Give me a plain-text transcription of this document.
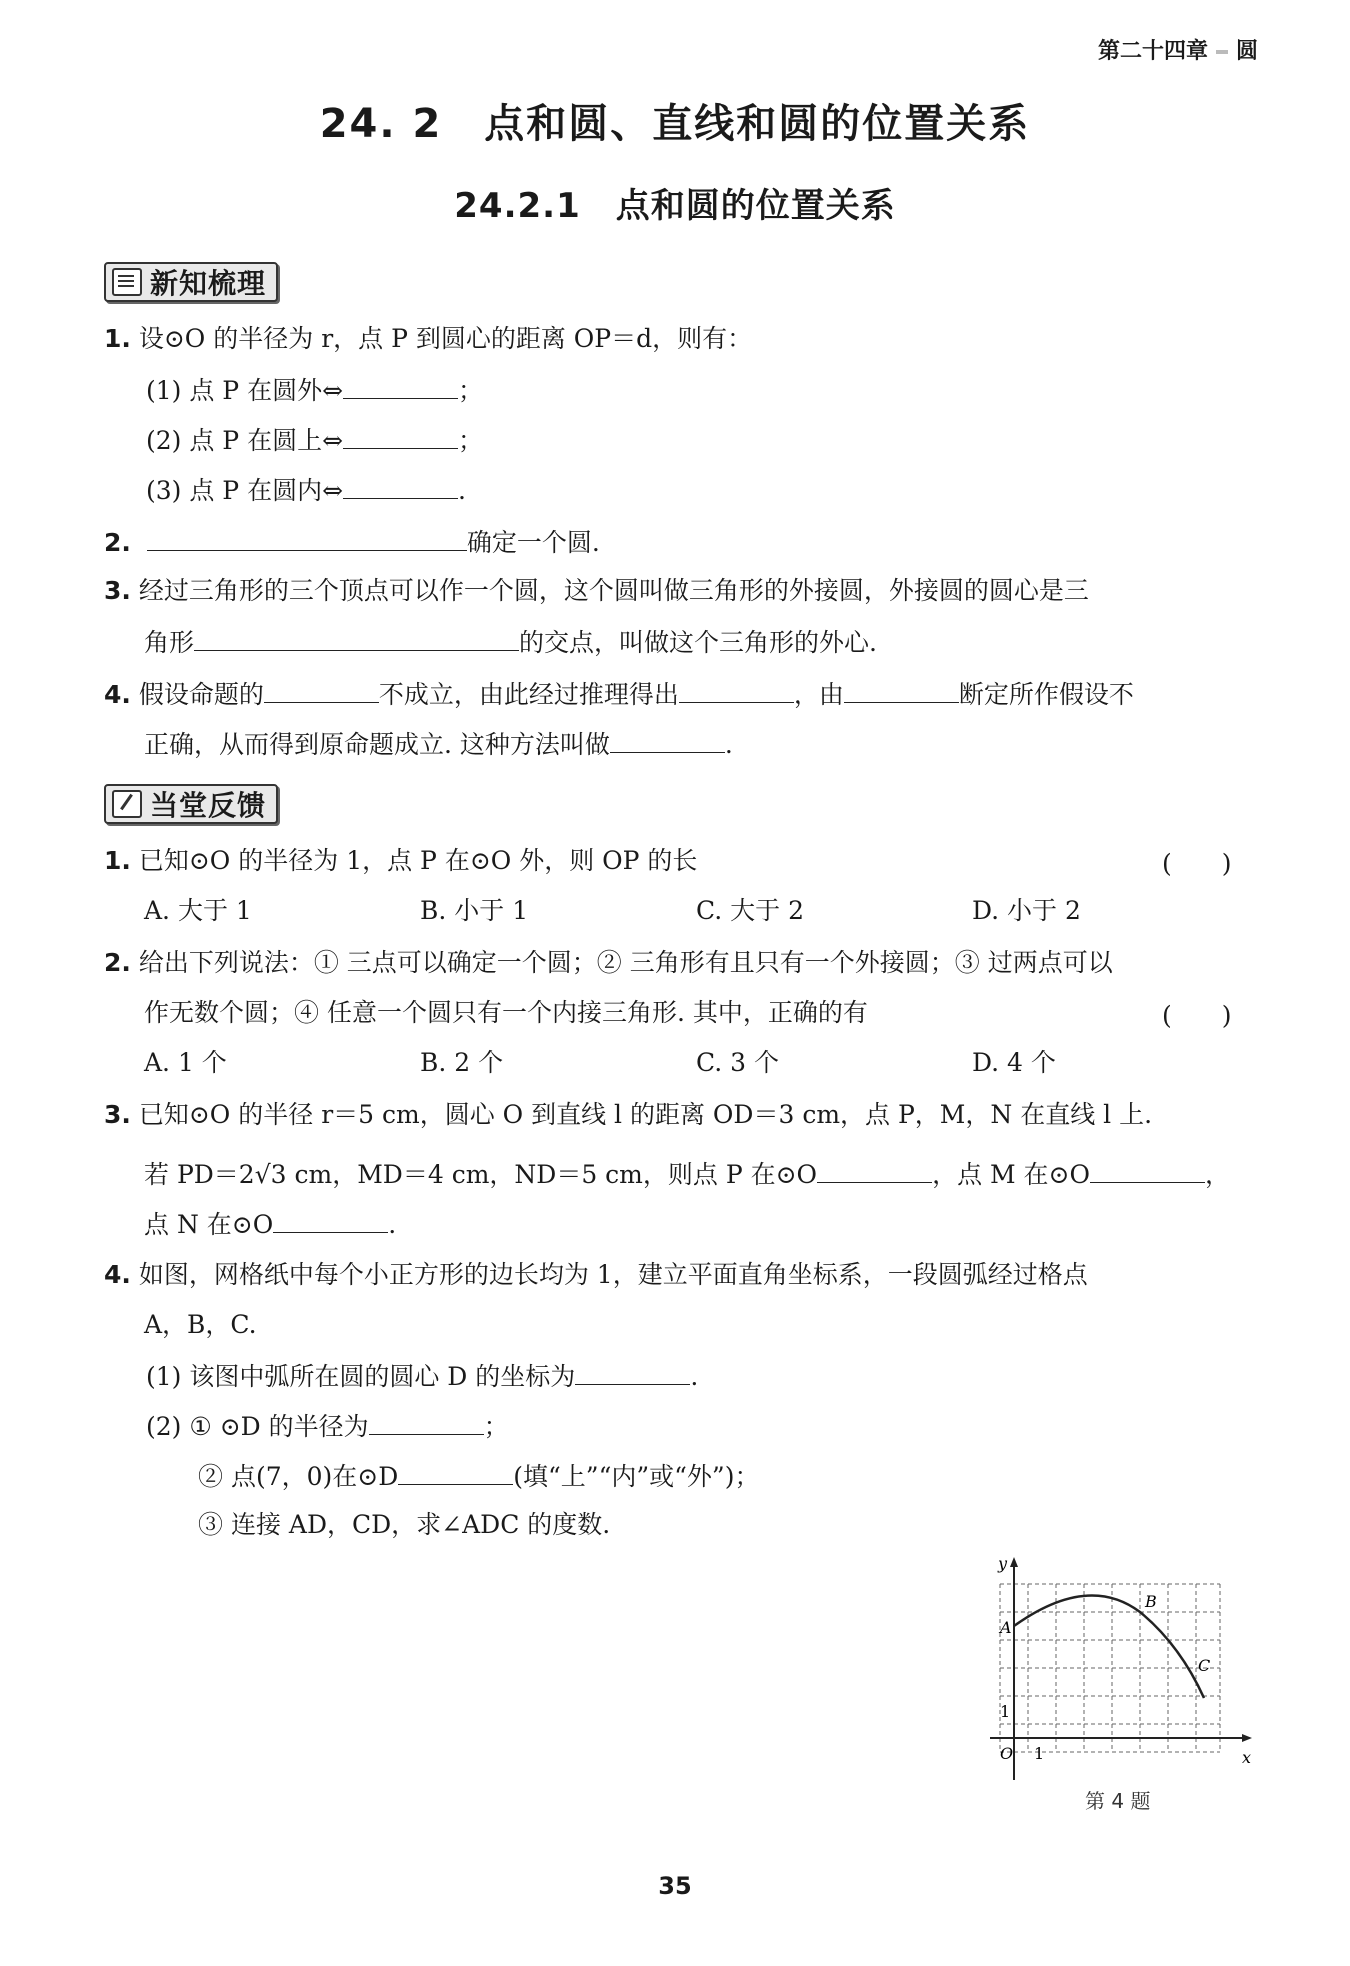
第二十四章 圆
24. 2　点和圆、直线和圆的位置关系
24.2.1　点和圆的位置关系
新知梳理
1. 设⊙O 的半径为 r，点 P 到圆心的距离 OP＝d，则有：
(1) 点 P 在圆外⇔	；
(2) 点 P 在圆上⇔	；
(3) 点 P 在圆内⇔	.
2.	确定一个圆.
3. 经过三角形的三个顶点可以作一个圆，这个圆叫做三角形的外接圆，外接圆的圆心是三
角形	的交点，叫做这个三角形的外心.
4. 假设命题的	不成立，由此经过推理得出	，由	断定所作假设不
正确，从而得到原命题成立. 这种方法叫做	.
当堂反馈
1. 已知⊙O 的半径为 1，点 P 在⊙O 外，则 OP 的长	(　　)
A. 大于 1	B. 小于 1	C. 大于 2	D. 小于 2
2. 给出下列说法：① 三点可以确定一个圆；② 三角形有且只有一个外接圆；③ 过两点可以
作无数个圆；④ 任意一个圆只有一个内接三角形. 其中，正确的有	(　　)
A. 1 个	B. 2 个	C. 3 个	D. 4 个
3. 已知⊙O 的半径 r＝5 cm，圆心 O 到直线 l 的距离 OD＝3 cm，点 P，M，N 在直线 l 上.
若 PD＝2√3 cm，MD＝4 cm，ND＝5 cm，则点 P 在⊙O	，点 M 在⊙O	，
点 N 在⊙O	.
4. 如图，网格纸中每个小正方形的边长均为 1，建立平面直角坐标系，一段圆弧经过格点
A，B，C.
(1) 该图中弧所在圆的圆心 D 的坐标为	.
(2) ① ⊙D 的半径为	；
② 点(7，0)在⊙D	(填“上”“内”或“外”)；
③ 连接 AD，CD，求∠ADC 的度数.
y
x
O 1
1
A
B
C
第 4 题
35
